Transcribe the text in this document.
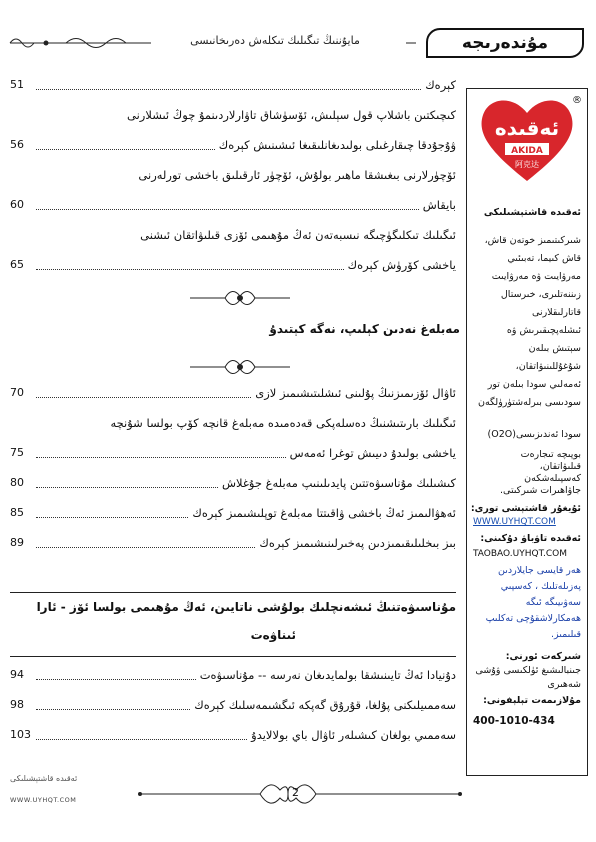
مايۇننىڭ تىگىلىك تىكلەش دەرىخانىسى	مۇندەرىجە
كېرەك
51
كىچىكتىن باشلاپ قول سېلىش، ئۆسۈشاق تاۋارلاردىنمۇ چوڭ ئىشلارنى
ۋۇجۇدقا چىقارغىلى بولىدىغانلىقىغا ئىشىنىش كېرەك
56
ئۆچۈرلارنى بىغىشقا ماھىر بولۇش، ئۆچۈر ئارقىلىق باخشى تورلەرنى
بايقاش
60
ئىگىلىك تىكلىگۈچىگە نىسبەتەن ئەڭ مۇھىمى ئۆزى قىلىۋاتقان ئىشنى
ياخشى كۆرۈش كېرەك
65
ئاۋال ئۆزىمىزنىڭ پۇلىنى ئىشلىتىشىمىز لازى
70
ئىگىلىك بارىتىشنىڭ دەسلەپكى قەدەمىدە مەبلەغ قانچە كۆپ بولسا شۇنچە
ياخشى بولىدۇ دىيىش توغرا ئەمەس
75
كىشىلىك مۇناسىۋەتتىن پايدىلىنىپ مەبلەغ جۇغلاش
80
ئەھۋالىمىز ئەڭ باخشى ۋاقىتتا مەبلەغ توپلىشىمىز كېرەك
85
بىز بىخلىلىقىمىزدىن پەخىرلىنىشىمىز كېرەك
89
دۇنيادا ئەڭ تايىنىشقا بولمايدىغان نەرسە -- مۇناسىۋەت
94
سەممىيلىكنى پۇلغا، قۇرۇق گەپكە ئىگشىمەسلىك كېرەك
98
سەممىي بولغان كىشىلەر ئاۋال باي بولالايدۇ
103
مەبلەغ نەدىن كېلىپ، نەگە كېتىدۇ
مۇناسىۋەتنىڭ ئىشەنچلىك بولۇشى ناتايىن، ئەڭ مۇھىمى بولسا ئۆز - ئارا
ئىناۋەت
ئەقىدە
AKIDA
阿克达
®
ئەقىدە قاشتېشىلىكى
شىركىتىمىز خوتەن قاش،
قاش كىيما، تەبىئىي
مەرۋايىت ۋە مەرۋايىت
زىننەتلىرى، خىرستال
قاتارلىقلارنى
ئىشلەپچىقىرىش ۋە
سېتىش بىلەن
شۇغۇللىنىۋاتقان،
ئەمەلىي سودا بىلەن تور
سودىسى بىرلەشتۈرۈلگەن
(O2O)سودا ئەندىزىسى
بوپىچە تىجارەت
قىلىۋاتقان،
كەسپىلەشكەن
جاۋاھىرات شىركىتى.
ئۇيغۇر قاشتېشى تورى:
WWW.UYHQT.COM
ئەقىدە تاۋباۋ دۇكىنى:
TAOBAO.UYHQT.COM
ھەر قايسى جايلاردىن
پەزىلەتلىك ، كەسپىي
سەۋىيىگە ئىگە
ھەمكارلاشقۇچى تەكلىپ
قىلىمىز.
شىركەت ئورنى:
جىنبالىشىغ ئۈلكىسى ۋۇشى
شەھىرى
مۇلازىمەت تېلېفونى:
400-1010-434
ئەقىدە قاشتېشىلىكى
WWW.UYHQT.COM
2
